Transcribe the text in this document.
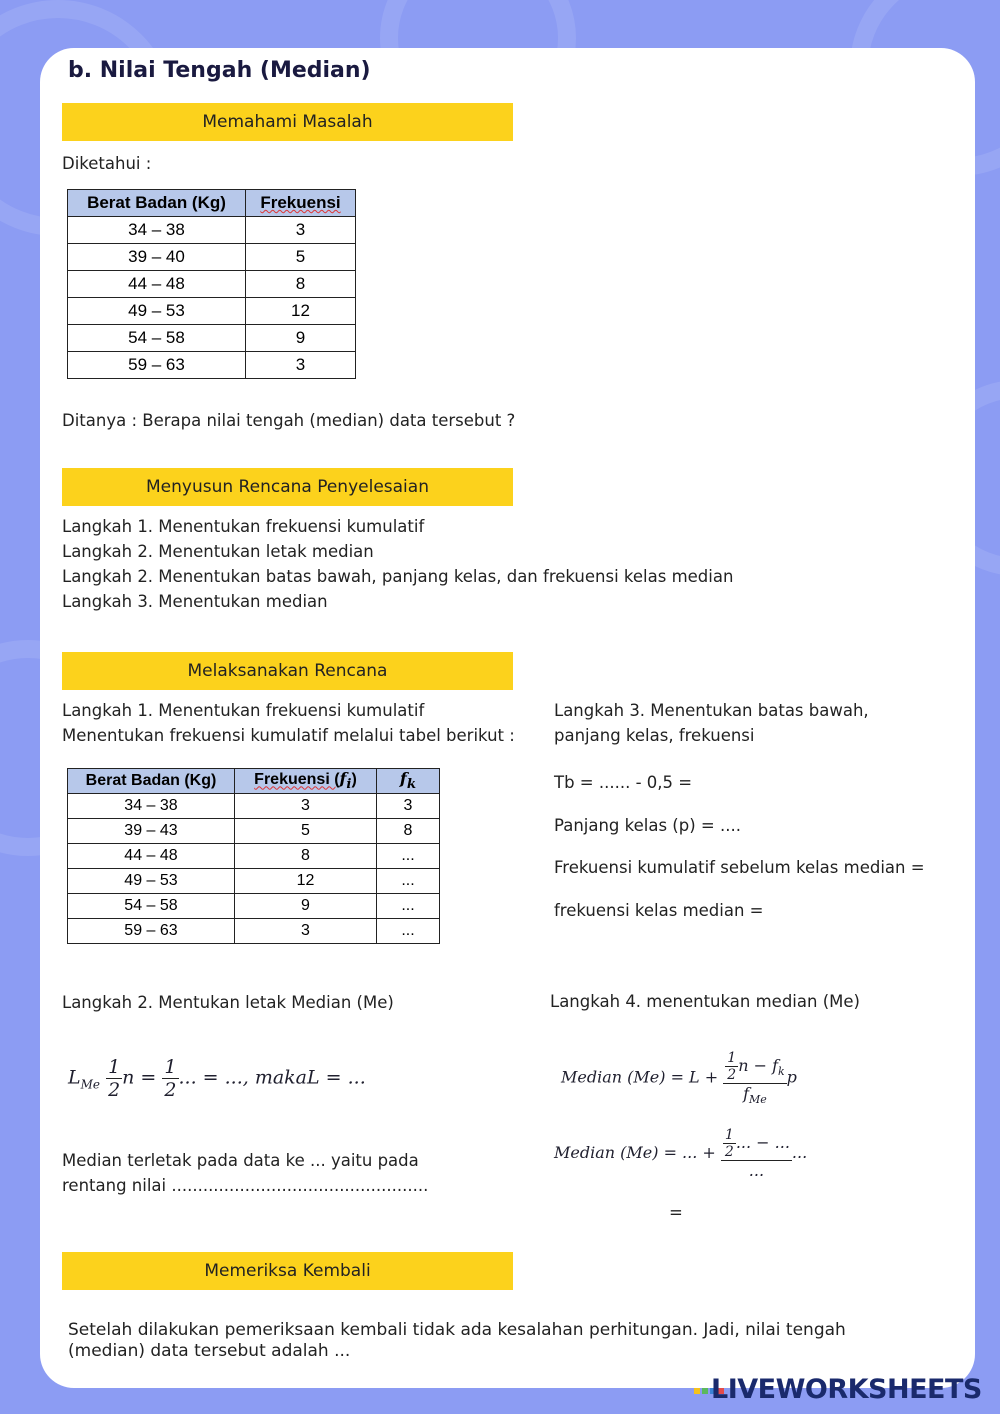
b. Nilai Tengah (Median)
Memahami Masalah
Diketahui :
Berat Badan (Kg)	Frekuensi
34 – 38	3
39 – 40	5
44 – 48	8
49 – 53	12
54 – 58	9
59 – 63	3
Ditanya : Berapa nilai tengah (median) data tersebut ?
Menyusun Rencana Penyelesaian
Langkah 1. Menentukan frekuensi kumulatif
Langkah 2. Menentukan letak median
Langkah 2. Menentukan batas bawah, panjang kelas, dan frekuensi kelas median
Langkah 3. Menentukan median
Melaksanakan Rencana
Langkah 1. Menentukan frekuensi kumulatif
Menentukan frekuensi kumulatif melalui tabel berikut :
Berat Badan (Kg)	Frekuensi $(f_i)$	$f_k$
34 – 38	3	3
39 – 43	5	8
44 – 48	8	...
49 – 53	12	...
54 – 58	9	...
59 – 63	3	...
Langkah 3. Menentukan batas bawah,
panjang kelas, frekuensi
Tb = ...... - 0,5 =
Panjang kelas (p) = ....
Frekuensi kumulatif sebelum kelas median =
frekuensi kelas median =
Langkah 2. Mentukan letak Median (Me)
$L_{Me} \frac{1}{2}$ $n = \frac{1}{2}$ ... = ..., makaL = ...
Median terletak pada data ke ... yaitu pada
rentang nilai .................................................
Langkah 4. menentukan median (Me)
Median $(Me) = L + \frac{\frac{1}{2} n - f_k}{f_{Me}}$ p
Median (Me) = ... + $\frac{\frac{1}{2} ... - ...}{...}$ ...
=
Memeriksa Kembali
Setelah dilakukan pemeriksaan kembali tidak ada kesalahan perhitungan. Jadi, nilai tengah
(median) data tersebut adalah ...
LIVEWORKSHEETS
